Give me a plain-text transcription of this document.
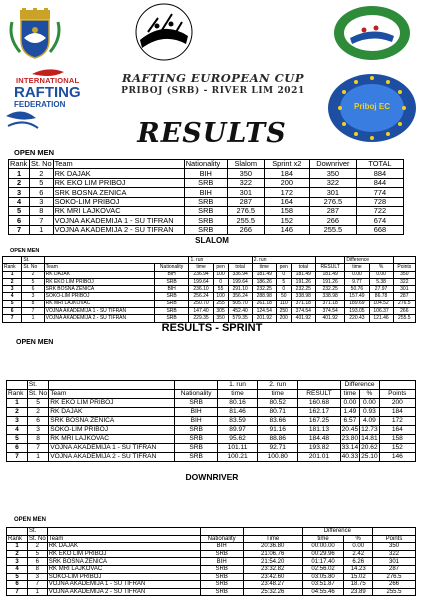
INTERNATIONAL
RAFTING
FEDERATION
RAFTING EUROPEAN CUP
PRIBOJ (SRB) - RIVER LIM 2021
Priboj EC
RESULTS
OPEN MEN
Rank	St. No	Team	Nationality	Slalom	Sprint x2	Downriver	TOTAL
1	2	RK DAJAK	BIH	350	184	350	884
2	5	RK EKO LIM PRIBOJ	SRB	322	200	322	844
3	6	SRK BOSNA ZENICA	BIH	301	172	301	774
4	3	SOKO-LIM PRIBOJ	SRB	287	164	276.5	728
5	8	RK MRI LAJKOVAC	SRB	276.5	158	287	722
6	7	VOJNA AKADEMIJA 1 - SU TIFRAN	SRB	255.5	152	266	674
7	1	VOJNA AKADEMIJA 2 - SU TIFRAN	SRB	266	146	255.5	668
SLALOM
OPEN MEN
	St.			1. run			2. run				Difference		
Rank	St. No	Team	Nationality	time	pen	total	time	pen	total	RESULT	time	%	Points
1	2	RK DAJAK	BIH	236.94	100	336.94	181.49	0	181.49	181.49	0.00	0.00	350
2	5	RK EKO LIM PRIBOJ	SRB	199.64	0	199.64	186.26	5	191.26	191.26	9.77	5.38	322
3	6	SRK BOSNA ZENICA	BIH	236.10	55	291.10	232.25	0	232.25	232.25	50.76	27.97	301
4	3	SOKO-LIM PRIBOJ	SRB	256.24	100	356.24	288.98	50	338.98	338.98	157.49	86.78	287
5	8	RK MRI LAJKOVAC	SRB	250.70	255	505.70	261.18	110	371.18	371.18	189.69	104.52	276.5
6	7	VOJNA AKADEMIJA 1 - SU TIFRAN	SRB	147.40	305	452.40	124.54	250	374.54	374.54	193.05	106.37	266
7	1	VOJNA AKADEMIJA 2 - SU TIFRAN	SRB	229.35	350	579.35	201.92	200	401.92	401.92	220.43	121.46	255.5
RESULTS - SPRINT
OPEN MEN
	St.			1. run	2. run		Difference		
Rank	St. No	Team	Nationality	time	time	RESULT	time	%	Points
1	5	RK EKO LIM PRIBOJ	SRB	80.16	80.52	160.68	0.00	0.00	200
2	2	RK DAJAK	BIH	81.46	80.71	162.17	1.49	0.93	184
3	6	SRK BOSNA ZENICA	BIH	83.59	83.66	167.25	6.57	4.09	172
4	3	SOKO-LIM PRIBOJ	SRB	89.97	91.16	181.13	20.45	12.73	164
5	8	RK MRI LAJKOVAC	SRB	95.62	88.86	184.48	23.80	14.81	158
6	7	VOJNA AKADEMIJA 1 - SU TIFRAN	SRB	101.11	92.71	193.82	33.14	20.62	152
7	1	VOJNA AKADEMIJA 2 - SU TIFRAN	SRB	100.21	100.80	201.01	40.33	25.10	146
DOWNRIVER
OPEN MEN
	St.				Difference		
Rank	St. No	Team	Nationality	Time	time	%	Points
1	2	RK DAJAK	BIH	20:36.80	00:00.00	0.00	350
2	5	RK EKO LIM PRIBOJ	SRB	21:06.76	00:29.96	2.42	322
3	6	SRK BOSNA ZENICA	BIH	21:54.20	01:17.40	6.26	301
4	8	RK MRI LAJKOVAC	SRB	23:32.82	02:56.02	14.23	287
5	3	SOKO-LIM PRIBOJ	SRB	23:42.60	03:05.80	15.02	276.5
6	7	VOJNA AKADEMIJA 1 - SU TIFRAN	SRB	23:48.27	03:51.87	18.75	266
7	1	VOJNA AKADEMIJA 2 - SU TIFRAN	SRB	25:32.26	04:55.46	23.89	255.5
